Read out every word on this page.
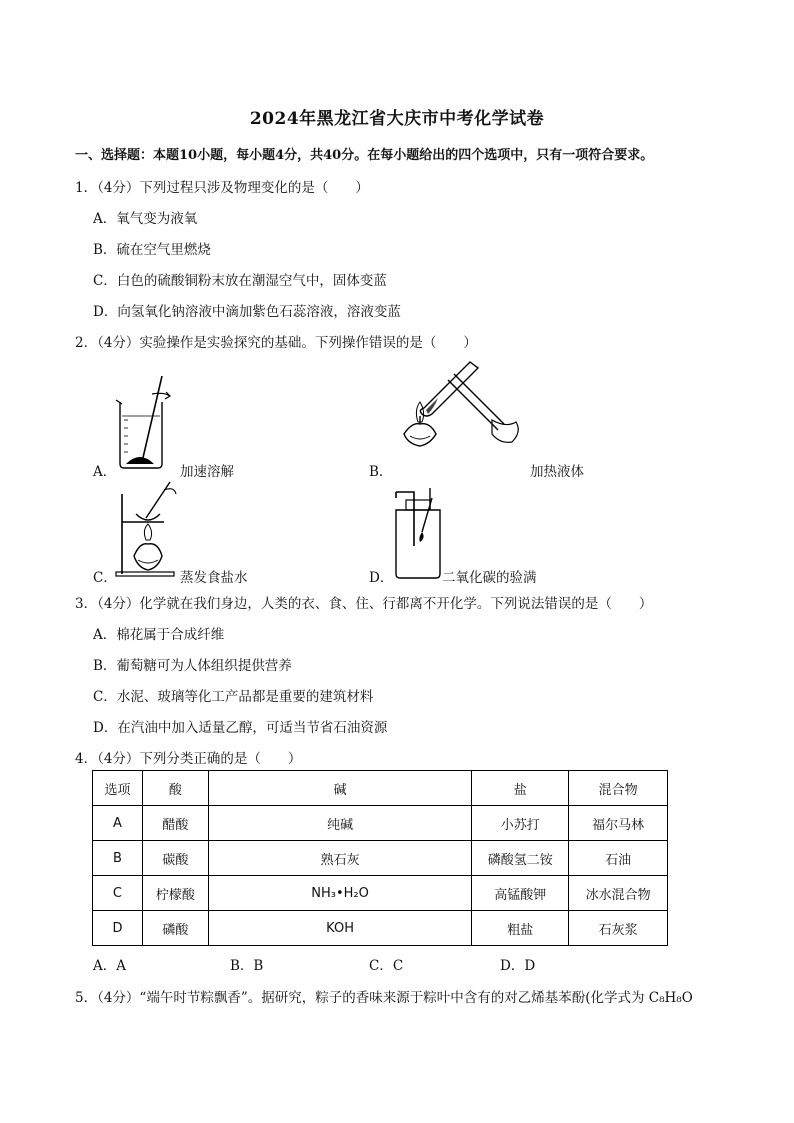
2024年黑龙江省大庆市中考化学试卷
一、选择题：本题10小题，每小题4分，共40分。在每小题给出的四个选项中，只有一项符合要求。
1．（4分）下列过程只涉及物理变化的是（　　）
A．氧气变为液氧
B．硫在空气里燃烧
C．白色的硫酸铜粉末放在潮湿空气中，固体变蓝
D．向氢氧化钠溶液中滴加紫色石蕊溶液，溶液变蓝
2．（4分）实验操作是实验探究的基础。下列操作错误的是（　　）
A．	加速溶解	B．	加热液体
C．	蒸发食盐水	D．	二氧化碳的验满
3．（4分）化学就在我们身边，人类的衣、食、住、行都离不开化学。下列说法错误的是（　　）
A．棉花属于合成纤维
B．葡萄糖可为人体组织提供营养
C．水泥、玻璃等化工产品都是重要的建筑材料
D．在汽油中加入适量乙醇，可适当节省石油资源
4．（4分）下列分类正确的是（　　）
选项	酸	碱	盐	混合物
A	醋酸	纯碱	小苏打	福尔马林
B	碳酸	熟石灰	磷酸氢二铵	石油
C	柠檬酸	NH₃•H₂O	高锰酸钾	冰水混合物
D	磷酸	KOH	粗盐	石灰浆
A．A	B．B	C．C	D．D
5．（4分）“端午时节粽飘香”。据研究，粽子的香味来源于粽叶中含有的对乙烯基苯酚(化学式为 C₈H₈O
